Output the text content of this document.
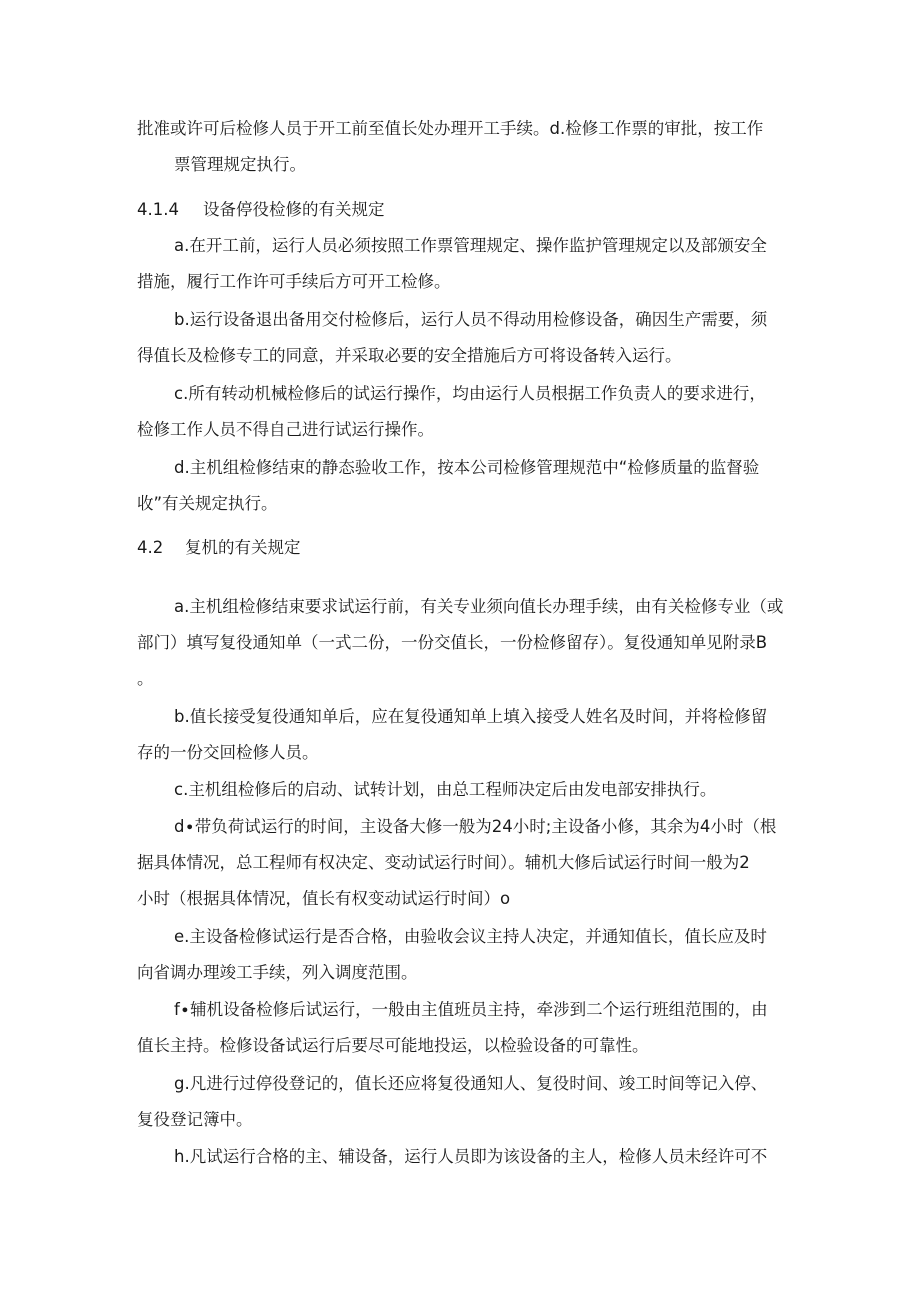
批准或许可后检修人员于开工前至值长处办理开工手续。d.检修工作票的审批，按工作
票管理规定执行。
4.1.4 设备停役检修的有关规定
a.在开工前，运行人员必须按照工作票管理规定、操作监护管理规定以及部颁安全
措施，履行工作许可手续后方可开工检修。
b.运行设备退出备用交付检修后，运行人员不得动用检修设备，确因生产需要，须
得值长及检修专工的同意，并采取必要的安全措施后方可将设备转入运行。
c.所有转动机械检修后的试运行操作，均由运行人员根据工作负责人的要求进行，
检修工作人员不得自己进行试运行操作。
d.主机组检修结束的静态验收工作，按本公司检修管理规范中“检修质量的监督验
收”有关规定执行。
4.2 复机的有关规定
a.主机组检修结束要求试运行前，有关专业须向值长办理手续，由有关检修专业（或
部门）填写复役通知单（一式二份，一份交值长，一份检修留存）。复役通知单见附录B
。
b.值长接受复役通知单后，应在复役通知单上填入接受人姓名及时间，并将检修留
存的一份交回检修人员。
c.主机组检修后的启动、试转计划，由总工程师决定后由发电部安排执行。
d∙带负荷试运行的时间，主设备大修一般为24小时;主设备小修，其余为4小时（根
据具体情况，总工程师有权决定、变动试运行时间）。辅机大修后试运行时间一般为2
小时（根据具体情况，值长有权变动试运行时间）o
e.主设备检修试运行是否合格，由验收会议主持人决定，并通知值长，值长应及时
向省调办理竣工手续，列入调度范围。
f∙辅机设备检修后试运行，一般由主值班员主持，牵涉到二个运行班组范围的，由
值长主持。检修设备试运行后要尽可能地投运，以检验设备的可靠性。
g.凡进行过停役登记的，值长还应将复役通知人、复役时间、竣工时间等记入停、
复役登记簿中。
h.凡试运行合格的主、辅设备，运行人员即为该设备的主人，检修人员未经许可不
